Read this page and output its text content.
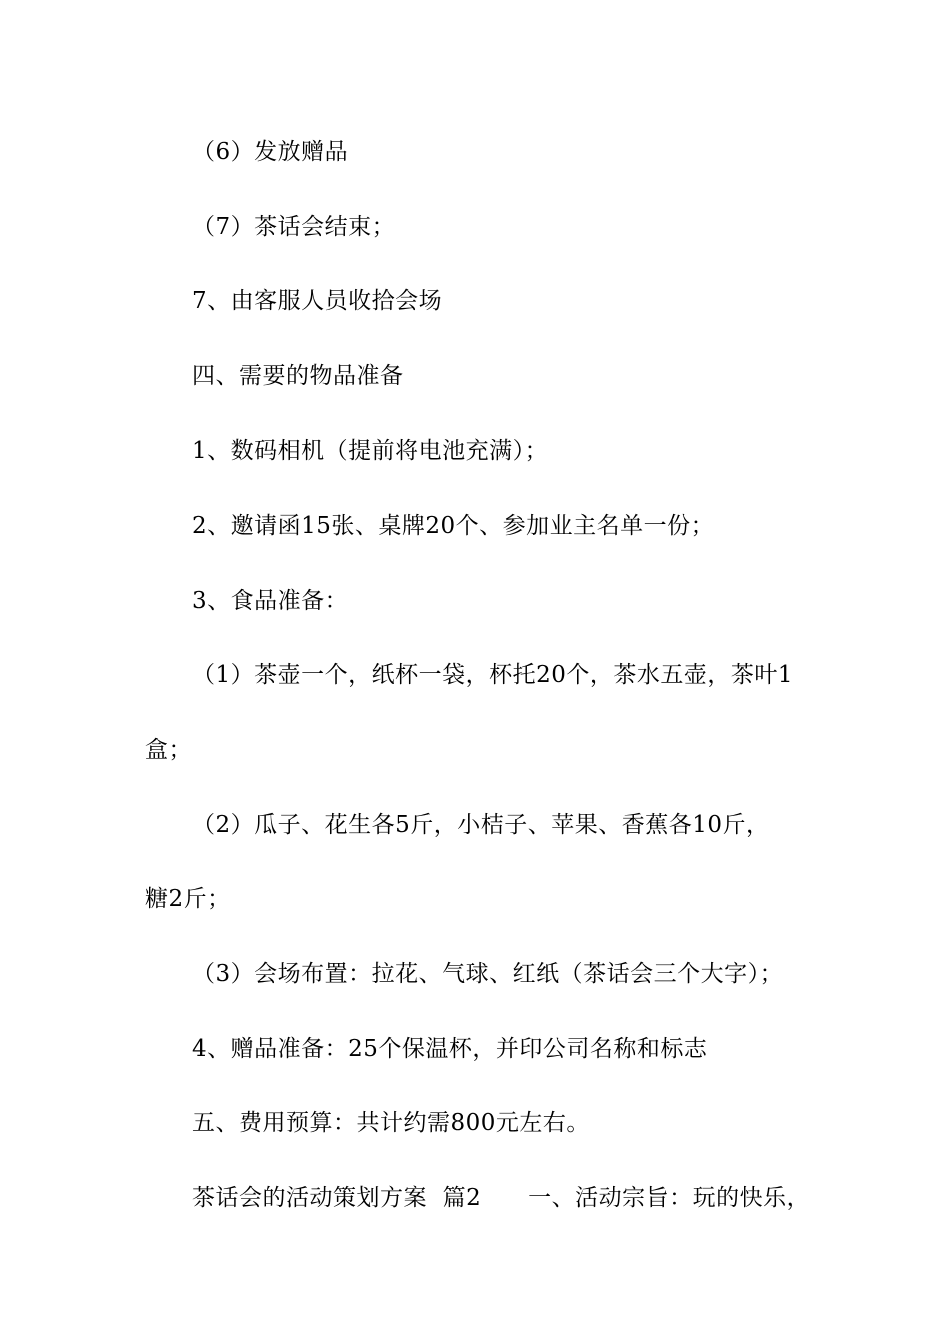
（6）发放赠品
（7）茶话会结束；
7、由客服人员收拾会场
四、需要的物品准备
1、数码相机（提前将电池充满）；
2、邀请函15张、桌牌20个、参加业主名单一份；
3、食品准备：
（1）茶壶一个，纸杯一袋，杯托20个，茶水五壶，茶叶1
盒；
（2）瓜子、花生各5斤，小桔子、苹果、香蕉各10斤，
糖2斤；
（3）会场布置：拉花、气球、红纸（茶话会三个大字）；
4、赠品准备：25个保温杯，并印公司名称和标志
五、费用预算：共计约需800元左右。
茶话会的活动策划方案  篇2      一、活动宗旨：玩的快乐，
